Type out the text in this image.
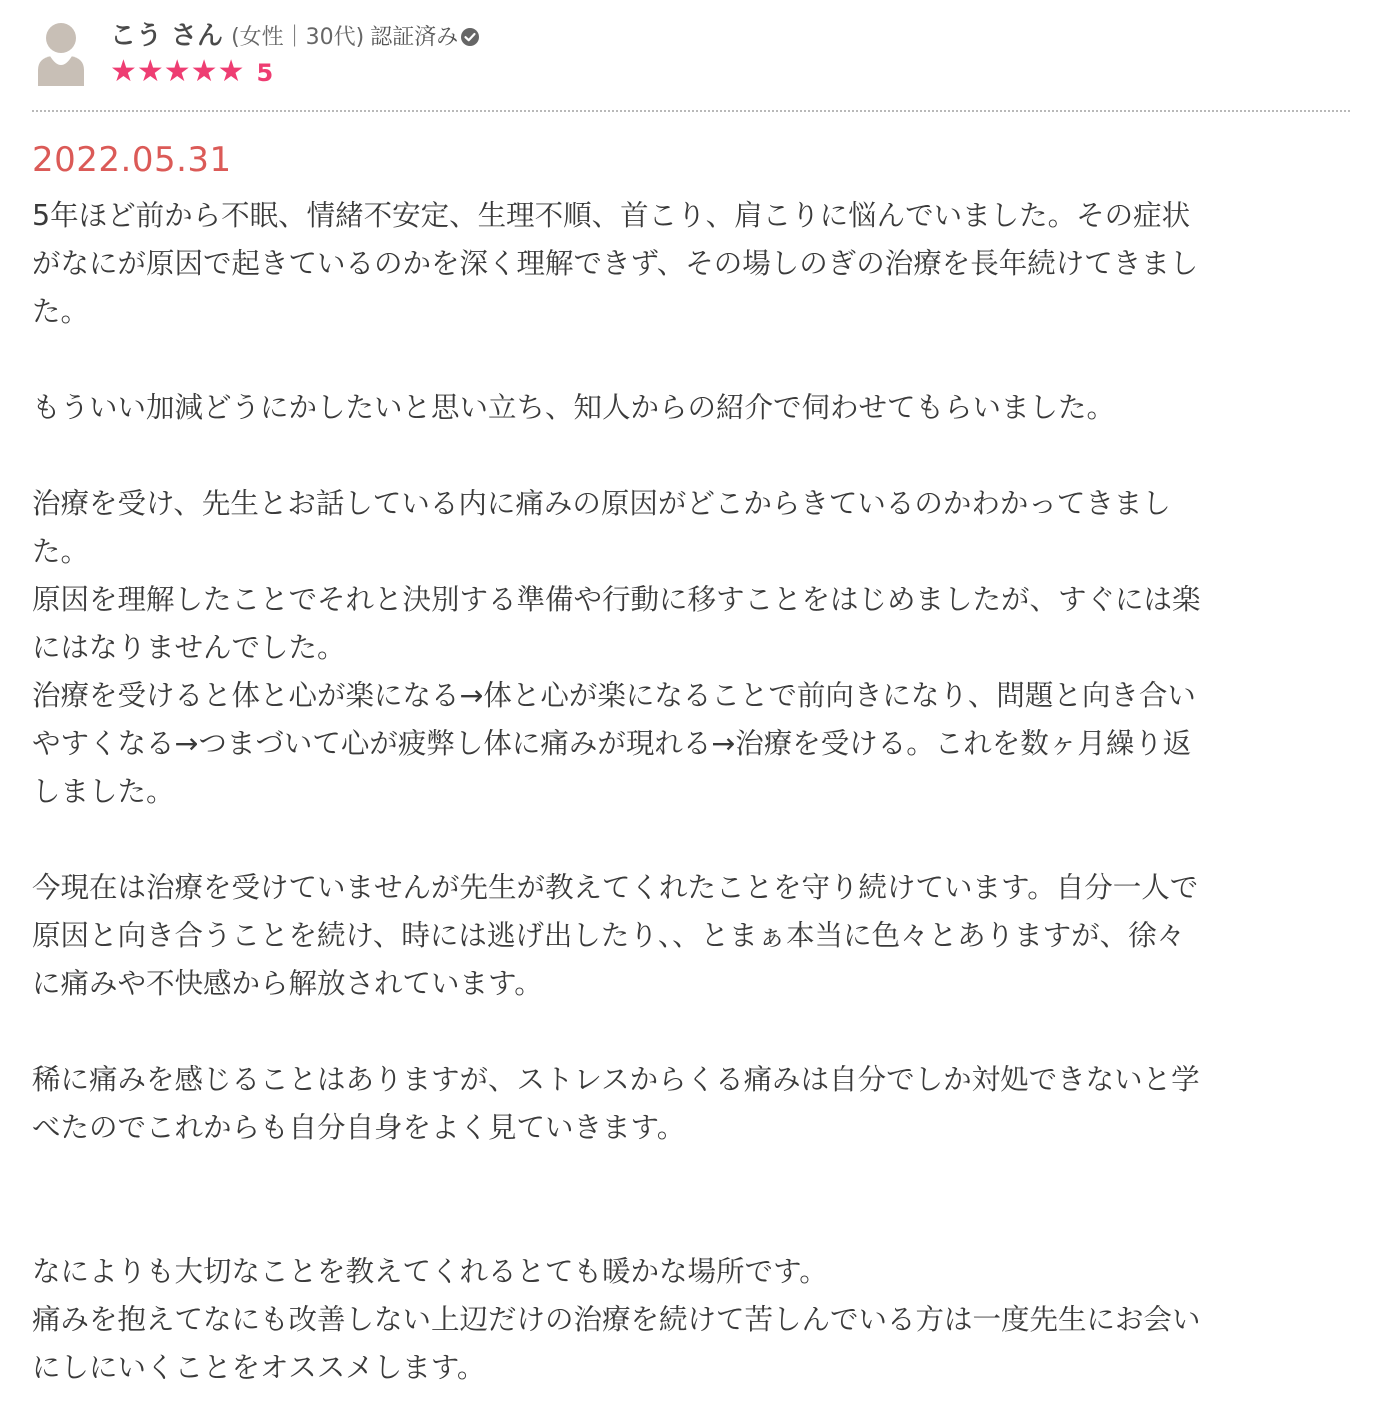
こう さん (女性｜30代) 認証済み
★★★★★ 5
2022.05.31
5年ほど前から不眠、情緒不安定、生理不順、首こり、肩こりに悩んでいました。その症状
がなにが原因で起きているのかを深く理解できず、その場しのぎの治療を長年続けてきまし
た。
もういい加減どうにかしたいと思い立ち、知人からの紹介で伺わせてもらいました。
治療を受け、先生とお話している内に痛みの原因がどこからきているのかわかってきまし
た。
原因を理解したことでそれと決別する準備や行動に移すことをはじめましたが、すぐには楽
にはなりませんでした。
治療を受けると体と心が楽になる→体と心が楽になることで前向きになり、問題と向き合い
やすくなる→つまづいて心が疲弊し体に痛みが現れる→治療を受ける。これを数ヶ月繰り返
しました。
今現在は治療を受けていませんが先生が教えてくれたことを守り続けています。自分一人で
原因と向き合うことを続け、時には逃げ出したり、、とまぁ本当に色々とありますが、徐々
に痛みや不快感から解放されています。
稀に痛みを感じることはありますが、ストレスからくる痛みは自分でしか対処できないと学
べたのでこれからも自分自身をよく見ていきます。
なによりも大切なことを教えてくれるとても暖かな場所です。
痛みを抱えてなにも改善しない上辺だけの治療を続けて苦しんでいる方は一度先生にお会い
にしにいくことをオススメします。
